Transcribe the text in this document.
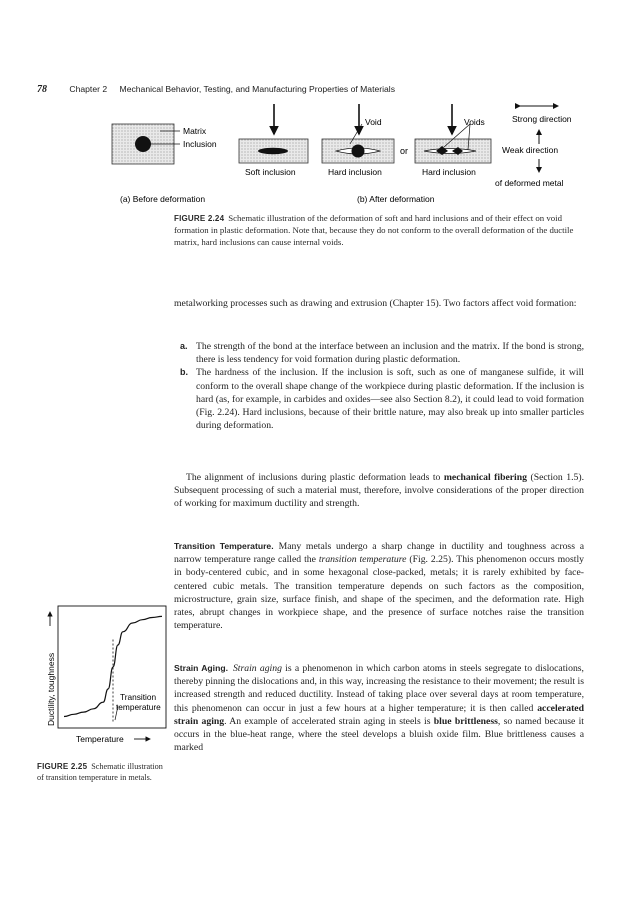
78	Chapter 2 Mechanical Behavior, Testing, and Manufacturing Properties of Materials
Matrix
Inclusion
(a) Before deformation
Soft inclusion
Void
Hard inclusion
or
Voids
Hard inclusion
(b) After deformation
Strong direction
Weak direction
of deformed metal
FIGURE 2.24 Schematic illustration of the deformation of soft and hard inclusions and of their effect on void formation in plastic deformation. Note that, because they do not conform to the overall deformation of the ductile matrix, hard inclusions can cause internal voids.
metalworking processes such as drawing and extrusion (Chapter 15). Two factors affect void formation:
a. The strength of the bond at the interface between an inclusion and the matrix. If the bond is strong, there is less tendency for void formation during plastic deformation.
b. The hardness of the inclusion. If the inclusion is soft, such as one of manganese sulfide, it will conform to the overall shape change of the workpiece during plastic deformation. If the inclusion is hard (as, for example, in carbides and oxides—see also Section 8.2), it could lead to void formation (Fig. 2.24). Hard inclusions, because of their brittle nature, may also break up into smaller particles during deformation.
The alignment of inclusions during plastic deformation leads to mechanical fibering (Section 1.5). Subsequent processing of such a material must, therefore, involve considerations of the proper direction of working for maximum ductility and strength.
Transition Temperature. Many metals undergo a sharp change in ductility and toughness across a narrow temperature range called the transition temperature (Fig. 2.25). This phenomenon occurs mostly in body-centered cubic, and in some hexagonal close-packed, metals; it is rarely exhibited by face-centered cubic metals. The transition temperature depends on such factors as the composition, microstructure, grain size, surface finish, and shape of the specimen, and the deformation rate. High rates, abrupt changes in workpiece shape, and the presence of surface notches raise the transition temperature.
Strain Aging. Strain aging is a phenomenon in which carbon atoms in steels segregate to dislocations, thereby pinning the dislocations and, in this way, increasing the resistance to their movement; the result is increased strength and reduced ductility. Instead of taking place over several days at room temperature, this phenomenon can occur in just a few hours at a higher temperature; it is then called accelerated strain aging. An example of accelerated strain aging in steels is blue brittleness, so named because it occurs in the blue-heat range, where the steel develops a bluish oxide film. Blue brittleness causes a marked
Ductility, toughness
Temperature
Transition
temperature
FIGURE 2.25 Schematic illustration of transition temperature in metals.
